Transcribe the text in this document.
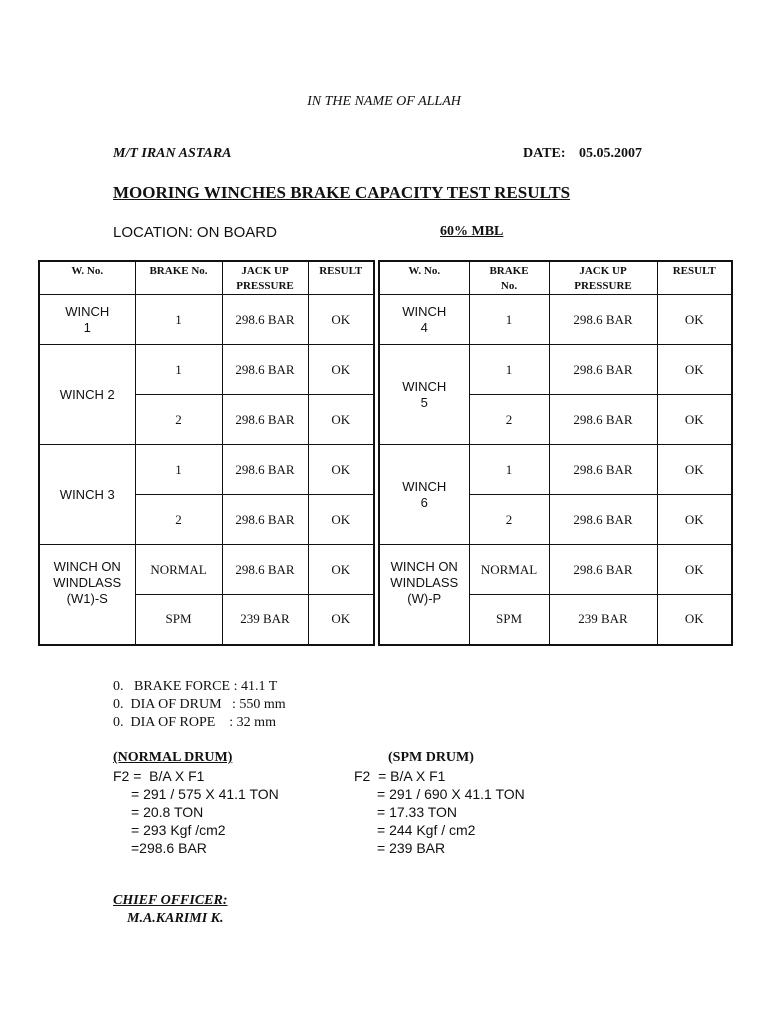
IN THE NAME OF ALLAH
M/T IRAN ASTARA	DATE: 05.05.2007
MOORING WINCHES BRAKE CAPACITY TEST RESULTS
LOCATION: ON BOARD	60% MBL
W. No.	BRAKE No.	JACK UP PRESSURE	RESULT
WINCH 1	1	298.6 BAR	OK
WINCH 2	1	298.6 BAR	OK
	2	298.6 BAR	OK
WINCH 3	1	298.6 BAR	OK
	2	298.6 BAR	OK
WINCH ON WINDLASS (W1)-S	NORMAL	298.6 BAR	OK
	SPM	239 BAR	OK
W. No.	BRAKE No.	JACK UP PRESSURE	RESULT
WINCH 4	1	298.6 BAR	OK
WINCH 5	1	298.6 BAR	OK
	2	298.6 BAR	OK
WINCH 6	1	298.6 BAR	OK
	2	298.6 BAR	OK
WINCH ON WINDLASS (W)-P	NORMAL	298.6 BAR	OK
	SPM	239 BAR	OK
0.   BRAKE FORCE : 41.1 T
0.  DIA OF DRUM   : 550 mm
0.  DIA OF ROPE    : 32 mm
(NORMAL DRUM)	(SPM DRUM)
F2 =  B/A X F1
= 291 / 575 X 41.1 TON
= 20.8 TON
= 293 Kgf /cm2
=298.6 BAR
F2  = B/A X F1
= 291 / 690 X 41.1 TON
= 17.33 TON
= 244 Kgf / cm2
= 239 BAR
CHIEF OFFICER:
M.A.KARIMI K.
